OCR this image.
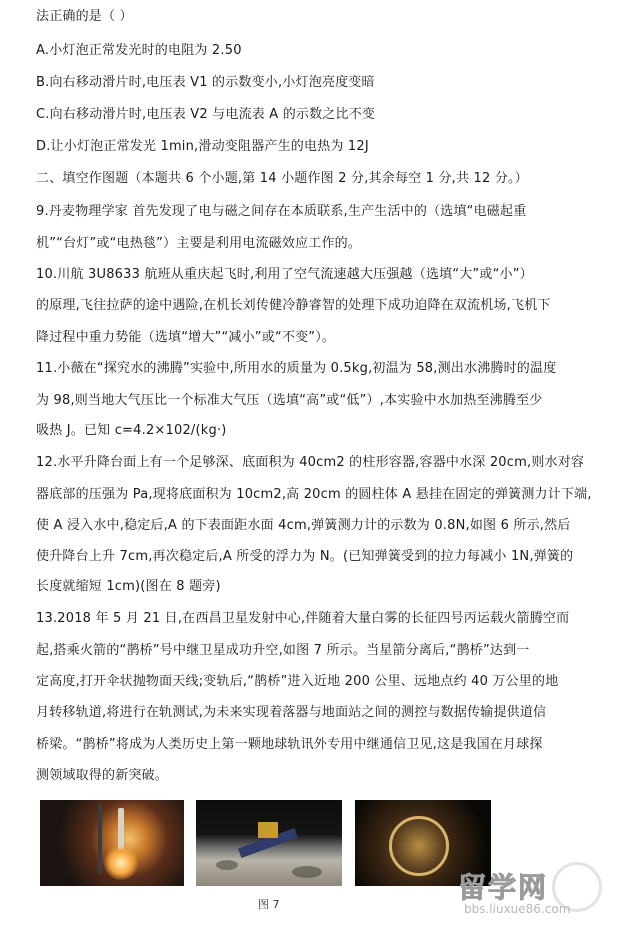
法正确的是（ ）
A.小灯泡正常发光时的电阻为 2.50
B.向右移动滑片时,电压表 V1 的示数变小,小灯泡亮度变暗
C.向右移动滑片时,电压表 V2 与电流表 A 的示数之比不变
D.让小灯泡正常发光 1min,滑动变阻器产生的电热为 12J
二、填空作图题（本题共 6 个小题,第 14 小题作图 2 分,其余每空 1 分,共 12 分。）
9.丹麦物理学家 首先发现了电与磁之间存在本质联系,生产生活中的（选填“电磁起重
机”“台灯”或“电热毯”）主要是利用电流磁效应工作的。
10.川航 3U8633 航班从重庆起飞时,利用了空气流速越大压强越（选填“大”或“小”）
的原理,飞往拉萨的途中遇险,在机长刘传健冷静睿智的处理下成功迫降在双流机场,飞机下
降过程中重力势能（选填“增大”“减小”或“不变”）。
11.小薇在“探究水的沸腾”实验中,所用水的质量为 0.5kg,初温为 58,测出水沸腾时的温度
为 98,则当地大气压比一个标准大气压（选填“高”或“低”）,本实验中水加热至沸腾至少
吸热 J。已知 c=4.2×102/(kg·)
12.水平升降台面上有一个足够深、底面积为 40cm2 的柱形容器,容器中水深 20cm,则水对容
器底部的压强为 Pa,现将底面积为 10cm2,高 20cm 的圆柱体 A 悬挂在固定的弹簧测力计下端,
使 A 浸入水中,稳定后,A 的下表面距水面 4cm,弹簧测力计的示数为 0.8N,如图 6 所示,然后
使升降台上升 7cm,再次稳定后,A 所受的浮力为 N。(已知弹簧受到的拉力每减小 1N,弹簧的
长度就缩短 1cm)(图在 8 题旁)
13.2018 年 5 月 21 日,在西昌卫星发射中心,伴随着大量白雾的长征四号丙运载火箭腾空而
起,搭乘火箭的“鹊桥”号中继卫星成功升空,如图 7 所示。当星箭分离后,“鹊桥”达到一
定高度,打开伞状抛物面天线;变轨后,“鹊桥”进入近地 200 公里、远地点约 40 万公里的地
月转移轨道,将进行在轨测试,为未来实现着落器与地面站之间的测控与数据传输提供道信
桥梁。“鹊桥”将成为人类历史上第一颗地球轨讯外专用中继通信卫见,这是我国在月球探
测领域取得的新突破。
图 7
留学网
bbs.liuxue86.com
